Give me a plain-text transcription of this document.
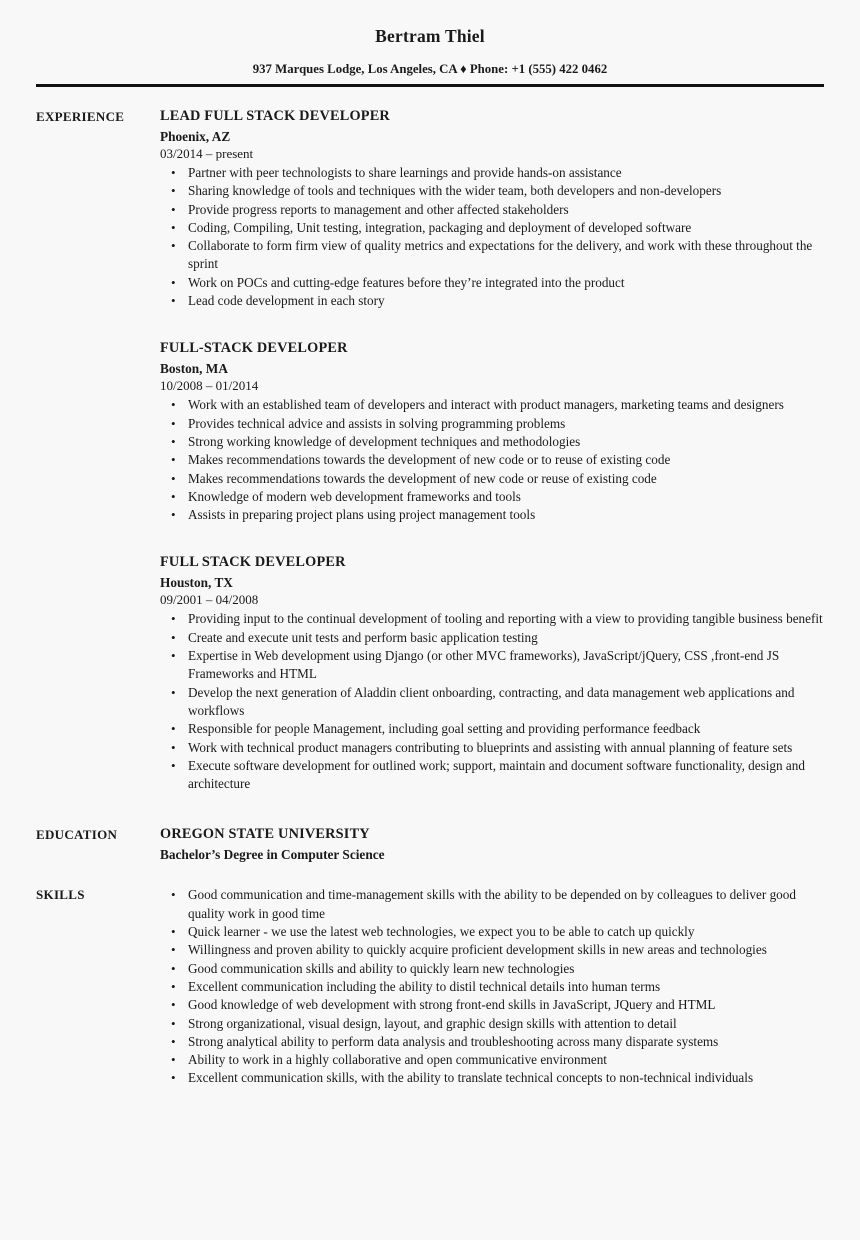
Bertram Thiel

937 Marques Lodge, Los Angeles, CA ♦ Phone: +1 (555) 422 0462

EXPERIENCE	LEAD FULL STACK DEVELOPER
Phoenix, AZ
03/2014 – present
• Partner with peer technologists to share learnings and provide hands-on assistance
• Sharing knowledge of tools and techniques with the wider team, both developers and non-developers
• Provide progress reports to management and other affected stakeholders
• Coding, Compiling, Unit testing, integration, packaging and deployment of developed software
• Collaborate to form firm view of quality metrics and expectations for the delivery, and work with these throughout the sprint
• Work on POCs and cutting-edge features before they’re integrated into the product
• Lead code development in each story
FULL-STACK DEVELOPER
Boston, MA
10/2008 – 01/2014
• Work with an established team of developers and interact with product managers, marketing teams and designers
• Provides technical advice and assists in solving programming problems
• Strong working knowledge of development techniques and methodologies
• Makes recommendations towards the development of new code or to reuse of existing code
• Makes recommendations towards the development of new code or reuse of existing code
• Knowledge of modern web development frameworks and tools
• Assists in preparing project plans using project management tools
FULL STACK DEVELOPER
Houston, TX
09/2001 – 04/2008
• Providing input to the continual development of tooling and reporting with a view to providing tangible business benefit
• Create and execute unit tests and perform basic application testing
• Expertise in Web development using Django (or other MVC frameworks), JavaScript/jQuery, CSS ,front-end JS Frameworks and HTML
• Develop the next generation of Aladdin client onboarding, contracting, and data management web applications and workflows
• Responsible for people Management, including goal setting and providing performance feedback
• Work with technical product managers contributing to blueprints and assisting with annual planning of feature sets
• Execute software development for outlined work; support, maintain and document software functionality, design and architecture
EDUCATION	OREGON STATE UNIVERSITY
Bachelor’s Degree in Computer Science
SKILLS	• Good communication and time-management skills with the ability to be depended on by colleagues to deliver good quality work in good time
• Quick learner - we use the latest web technologies, we expect you to be able to catch up quickly
• Willingness and proven ability to quickly acquire proficient development skills in new areas and technologies
• Good communication skills and ability to quickly learn new technologies
• Excellent communication including the ability to distil technical details into human terms
• Good knowledge of web development with strong front-end skills in JavaScript, JQuery and HTML
• Strong organizational, visual design, layout, and graphic design skills with attention to detail
• Strong analytical ability to perform data analysis and troubleshooting across many disparate systems
• Ability to work in a highly collaborative and open communicative environment
• Excellent communication skills, with the ability to translate technical concepts to non-technical individuals
